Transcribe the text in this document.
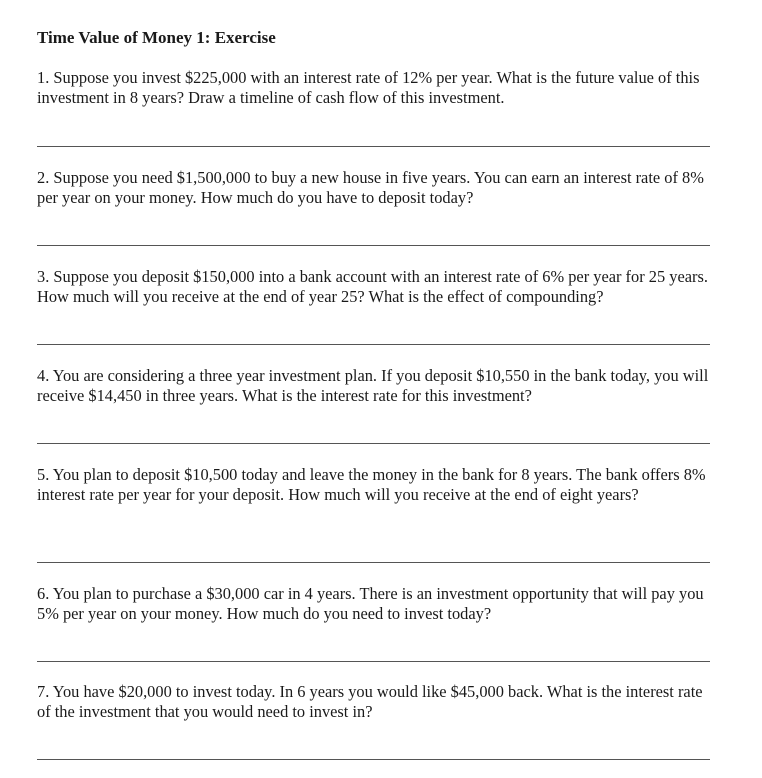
Time Value of Money 1: Exercise

1. Suppose you invest $225,000 with an interest rate of 12% per year. What is the future value of this investment in 8 years? Draw a timeline of cash flow of this investment.

2. Suppose you need $1,500,000 to buy a new house in five years. You can earn an interest rate of 8% per year on your money. How much do you have to deposit today?

3. Suppose you deposit $150,000 into a bank account with an interest rate of 6% per year for 25 years. How much will you receive at the end of year 25? What is the effect of compounding?

4. You are considering a three year investment plan. If you deposit $10,550 in the bank today, you will receive $14,450 in three years. What is the interest rate for this investment?

5. You plan to deposit $10,500 today and leave the money in the bank for 8 years. The bank offers 8% interest rate per year for your deposit. How much will you receive at the end of eight years?

6. You plan to purchase a $30,000 car in 4 years. There is an investment opportunity that will pay you 5% per year on your money. How much do you need to invest today?

7. You have $20,000 to invest today. In 6 years you would like $45,000 back. What is the interest rate of the investment that you would need to invest in?
